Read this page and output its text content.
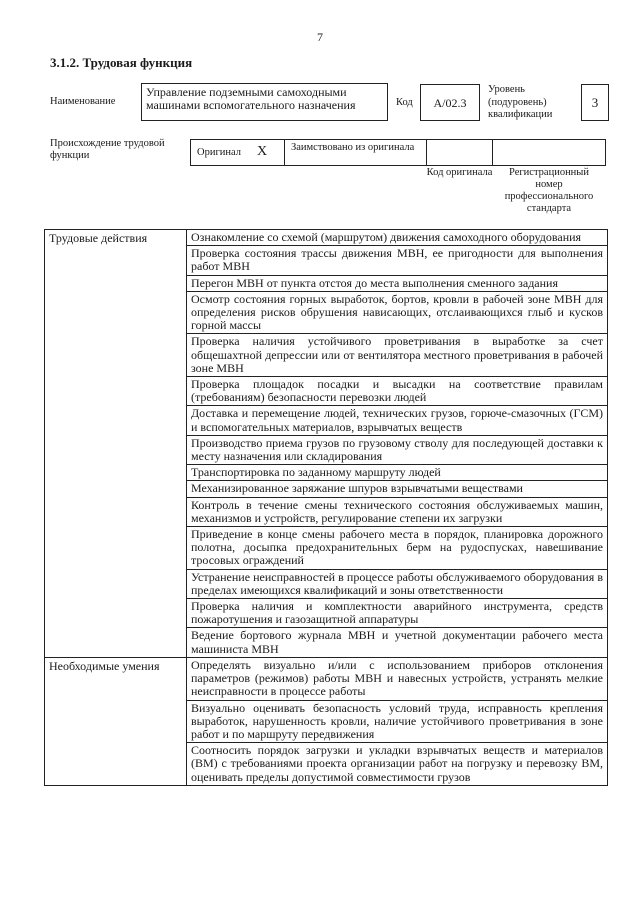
7
3.1.2. Трудовая функция
Наименование
Управление подземными самоходными машинами вспомогательного назначения	Код	А/02.3
Уровень (подуровень) квалификации
3
Происхождение трудовой функции	Оригинал Х	Заимствовано из оригинала
Код оригинала	Регистрационный номер профессионального стандарта
Трудовые действия	Ознакомление со схемой (маршрутом) движения самоходного оборудования
	Проверка состояния трассы движения МВН, ее пригодности для выполнения работ МВН
	Перегон МВН от пункта отстоя до места выполнения сменного задания
	Осмотр состояния горных выработок, бортов, кровли в рабочей зоне МВН для определения рисков обрушения нависающих, отслаивающихся глыб и кусков горной массы
	Проверка наличия устойчивого проветривания в выработке за счет общешахтной депрессии или от вентилятора местного проветривания в рабочей зоне МВН
	Проверка площадок посадки и высадки на соответствие правилам (требованиям) безопасности перевозки людей
	Доставка и перемещение людей, технических грузов, горюче-смазочных (ГСМ) и вспомогательных материалов, взрывчатых веществ
	Производство приема грузов по грузовому стволу для последующей доставки к месту назначения или складирования
	Транспортировка по заданному маршруту людей
	Механизированное заряжание шпуров взрывчатыми веществами
	Контроль в течение смены технического состояния обслуживаемых машин, механизмов и устройств, регулирование степени их загрузки
	Приведение в конце смены рабочего места в порядок, планировка дорожного полотна, досыпка предохранительных берм на рудоспусках, навешивание тросовых ограждений
	Устранение неисправностей в процессе работы обслуживаемого оборудования в пределах имеющихся квалификаций и зоны ответственности
	Проверка наличия и комплектности аварийного инструмента, средств пожаротушения и газозащитной аппаратуры
	Ведение бортового журнала МВН и учетной документации рабочего места машиниста МВН
Необходимые умения	Определять визуально и/или с использованием приборов отклонения параметров (режимов) работы МВН и навесных устройств, устранять мелкие неисправности в процессе работы
	Визуально оценивать безопасность условий труда, исправность крепления выработок, нарушенность кровли, наличие устойчивого проветривания в зоне работ и по маршруту передвижения
	Соотносить порядок загрузки и укладки взрывчатых веществ и материалов (ВМ) с требованиями проекта организации работ на погрузку и перевозку ВМ, оценивать пределы допустимой совместимости грузов
